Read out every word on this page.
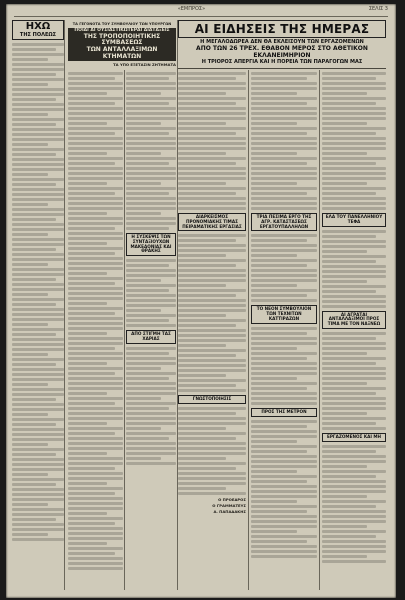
«ΕΜΠΡΟΣ»	ΣΕΛΙΣ 3
ΗΧΩ
ΤΗΣ ΠΟΛΕΩΣ
ΤΑ ΓΕΓΟΝΟΤΑ ΤΟΥ ΣΥΜΒΟΥΛΙΟΥ ΤΩΝ ΥΠΟΥΡΓΩΝ
ΠΟΙΑΙ ΑΙ ΟΥΣΙΑΣΤΙΚΩΤΕΡΑΙ ΔΙΑΤΑΞΕΙΣ
ΤΗΣ ΤΡΟΠΟΠΟΙΗΤΙΚΗΣ ΣΥΜΒΑΣΕΩΣ
ΤΩΝ ΑΝΤΑΛΛΑΞΙΜΩΝ ΚΤΗΜΑΤΩΝ
ΤΑ ΥΠΟ ΕΞΕΤΑΣΙΝ ΖΗΤΗΜΑΤΑ
Η ΣΥΣΚΕΨΙΣ ΤΩΝ ΣΥΝΤΑΞΙΟΥΧΩΝ ΜΑΚΕΔΟΝΙΑΣ ΚΑΙ ΘΡΑΚΗΣ
ΑΠΟ ΣΤΙΓΜΗ ΤΑΣ ΧΑΡΙΑΣ
ΑΙ ΕΙΔΗΣΕΙΣ ΤΗΣ ΗΜΕΡΑΣ
Η ΜΕΓΑΛΟΔΩΡΕΑ ΔΕΝ ΘΑ ΕΚΛΕΙΣΟΥΝ ΤΩΝ ΕΡΓΑΖΟΜΕΝΩΝ
ΑΠΟ ΤΩΝ 26 ΤΡΕΧ. ΕΘΑΒΟΝ ΜΕΡΟΣ ΣΤΟ ΑΘΕΤΙΚΟΝ ΕΚΛΑΝΕΙΜΗΡΙΟΝ
Η ΤΡΙΟΡΟΣ ΑΠΕΡΓΙΑ ΚΑΙ Η ΠΟΡΕΙΑ ΤΩΝ ΠΑΡΑΓΟΓΩΝ ΜΑΣ
ΔΙΑΡΚΕΙΣΜΟΣ ΠΡΟΝΟΜΙΑΚΗΣ ΤΙΜΑΣ ΠΕΙΡΑΜΑΤΙΚΗΣ ΕΡΓΑΣΙΑΣ
ΓΝΩΣΤΟΠΟΙΗΣΙΣ
Ο ΠΡΟΕΔΡΟΣ
Ο ΓΡΑΜΜΑΤΕΥΣ
Α. ΠΑΠΑΔΑΚΗΣ
ΤΡΙΑ ΠΕΣΙΜΑ ΕΡΓΟ ΤΗΣ ΑΓΡ. ΚΑΤΑΣΤΑΣΕΩΣ ΕΡΓΑΤΟΥΠΑΛΛΗΛΩΝ
ΤΟ ΝΕΟΝ ΣΥΜΒΟΥΛΙΟΝ ΤΩΝ ΤΕΧΝΙΤΩΝ ΚΑΤΤΙΡΑΖΩΝ
ΠΡΟΣ ΤΗΣ ΜΕΤΡΟΝ
ΕΛΑ ΤΟΥ ΠΑΝΕΛΛΗΝΙΟΥ ΤΕΦΑ
ΑΙ ΑΓΡΑΤΑΙ ΑΝΤΑΛΛΑΞΙΜΟΙ ΠΡΟΣ ΤΙΜΑ ΜΕ ΤΟΝ ΝΑΞΝΕΩ
ΕΡΓΑΖΟΜΕΝΟΣ ΚΑΙ ΜΗ
